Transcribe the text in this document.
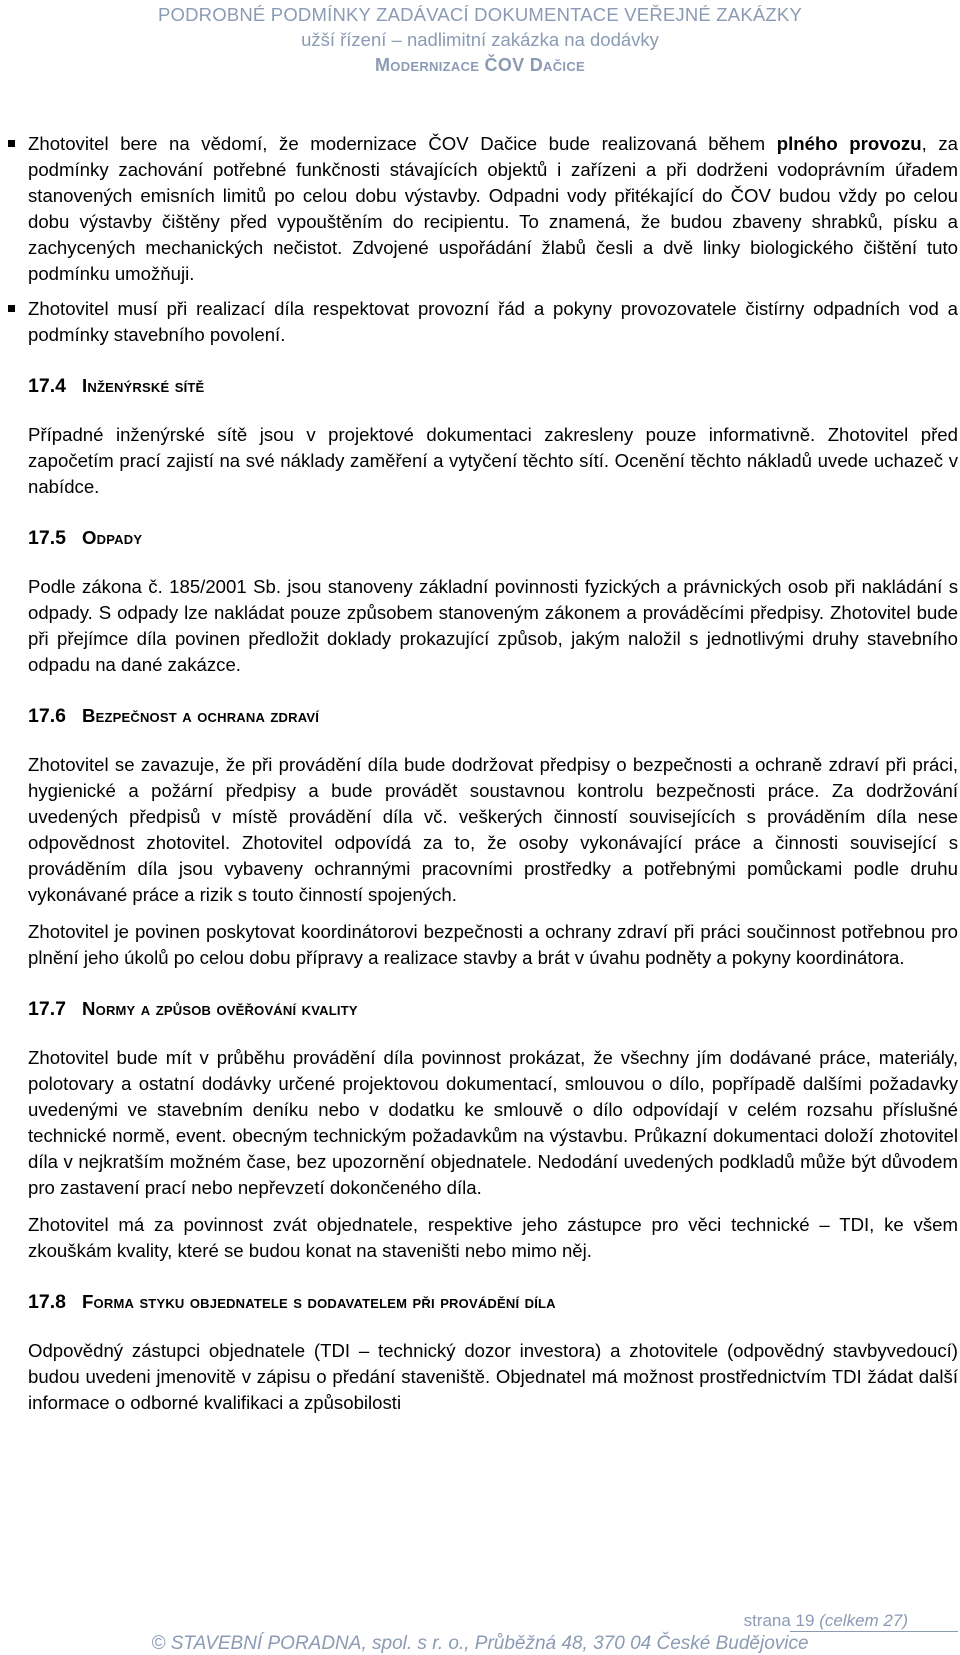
PODROBNÉ PODMÍNKY ZADÁVACÍ DOKUMENTACE VEŘEJNÉ ZAKÁZKY
užší řízení – nadlimitní zakázka na dodávky
Modernizace ČOV Dačice
Zhotovitel bere na vědomí, že modernizace ČOV Dačice bude realizovaná během plného provozu, za podmínky zachování potřebné funkčnosti stávajících objektů i zařízeni a při dodrženi vodoprávním úřadem stanovených emisních limitů po celou dobu výstavby. Odpadni vody přitékající do ČOV budou vždy po celou dobu výstavby čištěny před vypouštěním do recipientu. To znamená, že budou zbaveny shrabků, písku a zachycených mechanických nečistot. Zdvojené uspořádání žlabů česli a dvě linky biologického čištění tuto podmínku umožňuji.
Zhotovitel musí při realizací díla respektovat provozní řád a pokyny provozovatele čistírny odpadních vod a podmínky stavebního povolení.
17.4 Inženýrské sítě
Případné inženýrské sítě jsou v projektové dokumentaci zakresleny pouze informativně. Zhotovitel před započetím prací zajistí na své náklady zaměření a vytyčení těchto sítí. Ocenění těchto nákladů uvede uchazeč v nabídce.
17.5 Odpady
Podle zákona č. 185/2001 Sb. jsou stanoveny základní povinnosti fyzických a právnických osob při nakládání s odpady. S odpady lze nakládat pouze způsobem stanoveným zákonem a prováděcími předpisy. Zhotovitel bude při přejímce díla povinen předložit doklady prokazující způsob, jakým naložil s jednotlivými druhy stavebního odpadu na dané zakázce.
17.6 Bezpečnost a ochrana zdraví
Zhotovitel se zavazuje, že při provádění díla bude dodržovat předpisy o bezpečnosti a ochraně zdraví při práci, hygienické a požární předpisy a bude provádět soustavnou kontrolu bezpečnosti práce. Za dodržování uvedených předpisů v místě provádění díla vč. veškerých činností souvisejících s prováděním díla nese odpovědnost zhotovitel. Zhotovitel odpovídá za to, že osoby vykonávající práce a činnosti související s prováděním díla jsou vybaveny ochrannými pracovními prostředky a potřebnými pomůckami podle druhu vykonávané práce a rizik s touto činností spojených.
Zhotovitel je povinen poskytovat koordinátorovi bezpečnosti a ochrany zdraví při práci součinnost potřebnou pro plnění jeho úkolů po celou dobu přípravy a realizace stavby a brát v úvahu podněty a pokyny koordinátora.
17.7 Normy a způsob ověřování kvality
Zhotovitel bude mít v průběhu provádění díla povinnost prokázat, že všechny jím dodávané práce, materiály, polotovary a ostatní dodávky určené projektovou dokumentací, smlouvou o dílo, popřípadě dalšími požadavky uvedenými ve stavebním deníku nebo v dodatku ke smlouvě o dílo odpovídají v celém rozsahu příslušné technické normě, event. obecným technickým požadavkům na výstavbu. Průkazní dokumentaci doloží zhotovitel díla v nejkratším možném čase, bez upozornění objednatele. Nedodání uvedených podkladů může být důvodem pro zastavení prací nebo nepřevzetí dokončeného díla.
Zhotovitel má za povinnost zvát objednatele, respektive jeho zástupce pro věci technické – TDI, ke všem zkouškám kvality, které se budou konat na staveništi nebo mimo něj.
17.8 Forma styku objednatele s dodavatelem při provádění díla
Odpovědný zástupci objednatele (TDI – technický dozor investora) a zhotovitele (odpovědný stavbyvedoucí) budou uvedeni jmenovitě v zápisu o předání staveniště. Objednatel má možnost prostřednictvím TDI žádat další informace o odborné kvalifikaci a způsobilosti
strana 19 (celkem 27)
© STAVEBNÍ PORADNA, spol. s r. o., Průběžná 48, 370 04 České Budějovice
